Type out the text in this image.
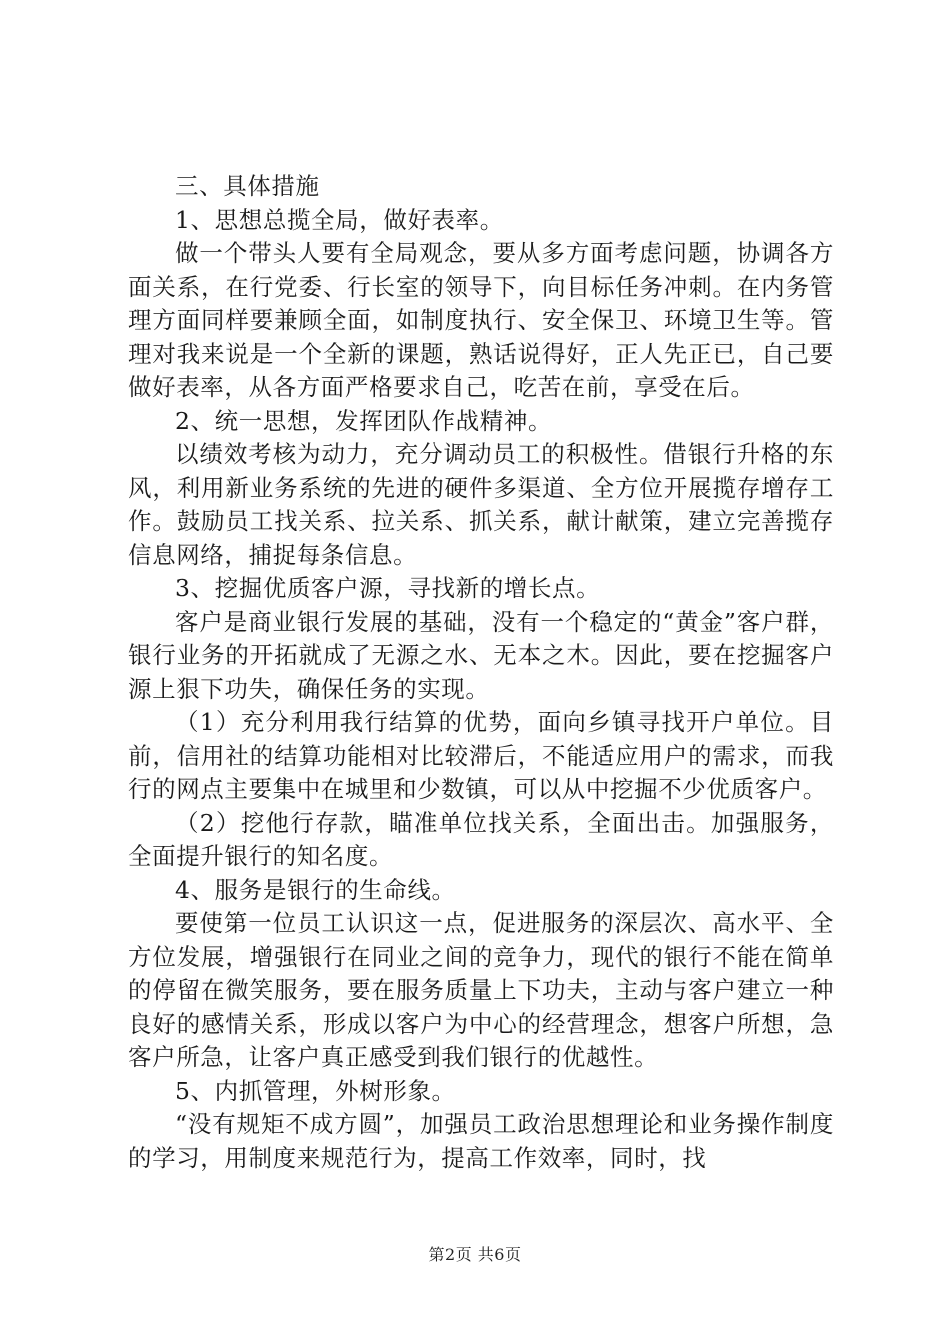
三、具体措施

1、思想总揽全局，做好表率。

做一个带头人要有全局观念，要从多方面考虑问题，协调各方面关系，在行党委、行长室的领导下，向目标任务冲刺。在内务管理方面同样要兼顾全面，如制度执行、安全保卫、环境卫生等。管理对我来说是一个全新的课题，熟话说得好，正人先正已，自己要做好表率，从各方面严格要求自己，吃苦在前，享受在后。

2、统一思想，发挥团队作战精神。

以绩效考核为动力，充分调动员工的积极性。借银行升格的东风，利用新业务系统的先进的硬件多渠道、全方位开展揽存增存工作。鼓励员工找关系、拉关系、抓关系，献计献策，建立完善揽存信息网络，捕捉每条信息。

3、挖掘优质客户源，寻找新的增长点。

客户是商业银行发展的基础，没有一个稳定的“黄金”客户群，银行业务的开拓就成了无源之水、无本之木。因此，要在挖掘客户源上狠下功失，确保任务的实现。

（1）充分利用我行结算的优势，面向乡镇寻找开户单位。目前，信用社的结算功能相对比较滞后，不能适应用户的需求，而我行的网点主要集中在城里和少数镇，可以从中挖掘不少优质客户。

（2）挖他行存款，瞄准单位找关系，全面出击。加强服务，全面提升银行的知名度。

4、服务是银行的生命线。

要使第一位员工认识这一点，促进服务的深层次、高水平、全方位发展，增强银行在同业之间的竞争力，现代的银行不能在简单的停留在微笑服务，要在服务质量上下功夫，主动与客户建立一种良好的感情关系，形成以客户为中心的经营理念，想客户所想，急客户所急，让客户真正感受到我们银行的优越性。

5、内抓管理，外树形象。

“没有规矩不成方圆”，加强员工政治思想理论和业务操作制度的学习，用制度来规范行为，提高工作效率，同时，找

第2页 共6页
